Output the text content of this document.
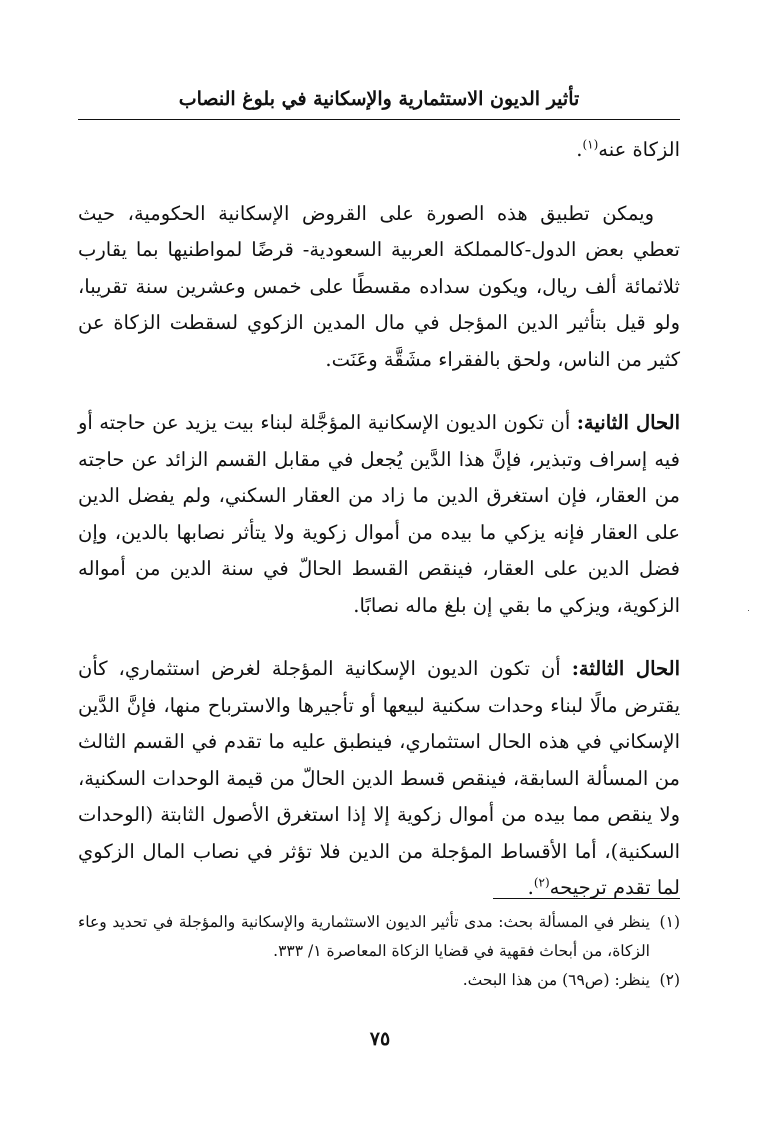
تأثير الديون الاستثمارية والإسكانية في بلوغ النصاب

الزكاة عنه$^{(١)}$.

ويمكن تطبيق هذه الصورة على القروض الإسكانية الحكومية، حيث تعطي بعض الدول-كالمملكة العربية السعودية- قرضًا لمواطنيها بما يقارب ثلاثمائة ألف ريال، ويكون سداده مقسطًا على خمس وعشرين سنة تقريبا، ولو قيل بتأثير الدين المؤجل في مال المدين الزكوي لسقطت الزكاة عن كثير من الناس، ولحق بالفقراء مشَقَّة وعَنَت.

الحال الثانية: أن تكون الديون الإسكانية المؤجَّلة لبناء بيت يزيد عن حاجته أو فيه إسراف وتبذير، فإنَّ هذا الدَّين يُجعل في مقابل القسم الزائد عن حاجته من العقار، فإن استغرق الدين ما زاد من العقار السكني، ولم يفضل الدين على العقار فإنه يزكي ما بيده من أموال زكوية ولا يتأثر نصابها بالدين، وإن فضل الدين على العقار، فينقص القسط الحالّ في سنة الدين من أمواله الزكوية، ويزكي ما بقي إن بلغ ماله نصابًا.

الحال الثالثة: أن تكون الديون الإسكانية المؤجلة لغرض استثماري، كأن يقترض مالًا لبناء وحدات سكنية لبيعها أو تأجيرها والاسترباح منها، فإنَّ الدَّين الإسكاني في هذه الحال استثماري، فينطبق عليه ما تقدم في القسم الثالث من المسألة السابقة، فينقص قسط الدين الحالّ من قيمة الوحدات السكنية، ولا ينقص مما بيده من أموال زكوية إلا إذا استغرق الأصول الثابتة (الوحدات السكنية)، أما الأقساط المؤجلة من الدين فلا تؤثر في نصاب المال الزكوي لما تقدم ترجيحه$^{(٢)}$.

(١)
ينظر في المسألة بحث: مدى تأثير الديون الاستثمارية والإسكانية والمؤجلة في تحديد وعاء الزكاة، من أبحاث فقهية في قضايا الزكاة المعاصرة ١/ ٣٣٣.

(٢)
ينظر: (ص٦٩) من هذا البحث.

٧٥
